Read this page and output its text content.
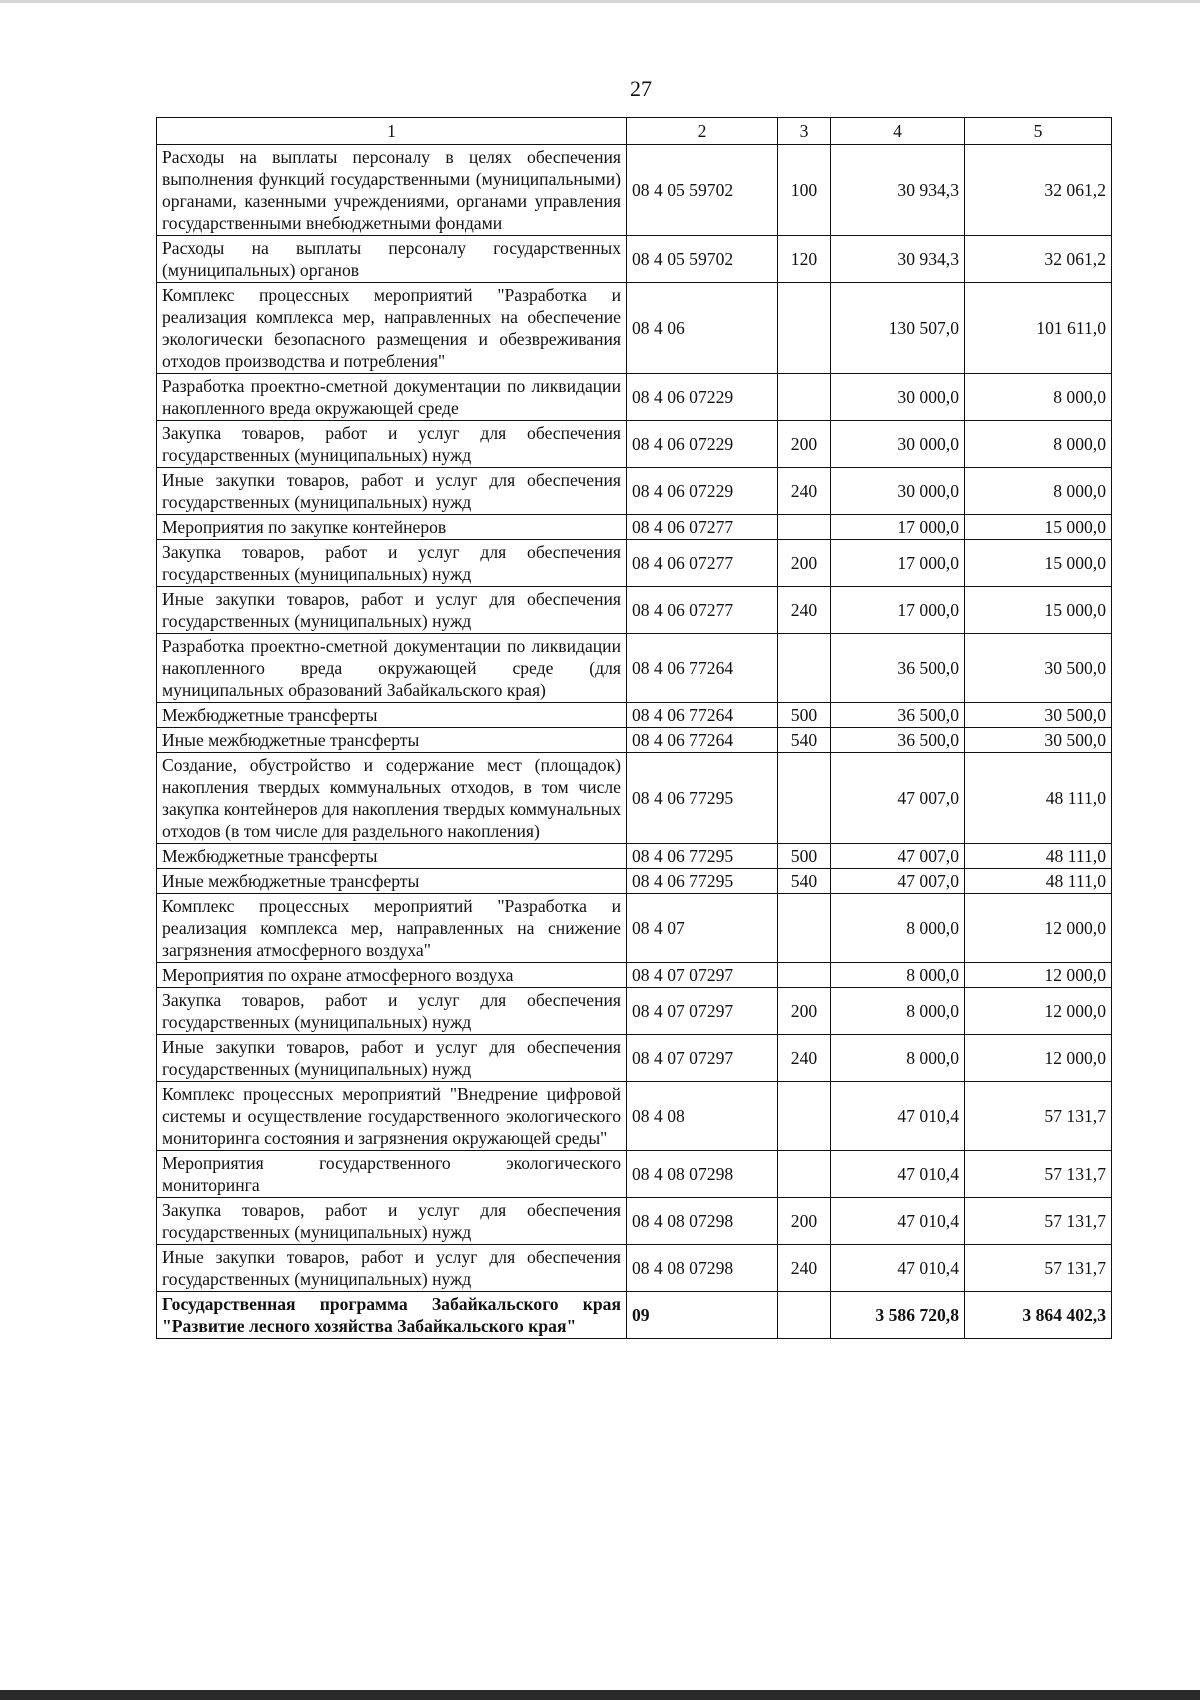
27
1	2	3	4	5
Расходы на выплаты персоналу в целях обеспечения выполнения функций государственными (муниципальными) органами, казенными учреждениями, органами управления государственными внебюджетными фондами	08 4 05 59702	100	30 934,3	32 061,2
Расходы на выплаты персоналу государственных (муниципальных) органов	08 4 05 59702	120	30 934,3	32 061,2
Комплекс процессных мероприятий "Разработка и реализация комплекса мер, направленных на обеспечение экологически безопасного размещения и обезвреживания отходов производства и потребления"	08 4 06		130 507,0	101 611,0
Разработка проектно-сметной документации по ликвидации накопленного вреда окружающей среде	08 4 06 07229		30 000,0	8 000,0
Закупка товаров, работ и услуг для обеспечения государственных (муниципальных) нужд	08 4 06 07229	200	30 000,0	8 000,0
Иные закупки товаров, работ и услуг для обеспечения государственных (муниципальных) нужд	08 4 06 07229	240	30 000,0	8 000,0
Мероприятия по закупке контейнеров	08 4 06 07277		17 000,0	15 000,0
Закупка товаров, работ и услуг для обеспечения государственных (муниципальных) нужд	08 4 06 07277	200	17 000,0	15 000,0
Иные закупки товаров, работ и услуг для обеспечения государственных (муниципальных) нужд	08 4 06 07277	240	17 000,0	15 000,0
Разработка проектно-сметной документации по ликвидации накопленного вреда окружающей среде (для муниципальных образований Забайкальского края)	08 4 06 77264		36 500,0	30 500,0
Межбюджетные трансферты	08 4 06 77264	500	36 500,0	30 500,0
Иные межбюджетные трансферты	08 4 06 77264	540	36 500,0	30 500,0
Создание, обустройство и содержание мест (площадок) накопления твердых коммунальных отходов, в том числе закупка контейнеров для накопления твердых коммунальных отходов (в том числе для раздельного накопления)	08 4 06 77295		47 007,0	48 111,0
Межбюджетные трансферты	08 4 06 77295	500	47 007,0	48 111,0
Иные межбюджетные трансферты	08 4 06 77295	540	47 007,0	48 111,0
Комплекс процессных мероприятий "Разработка и реализация комплекса мер, направленных на снижение загрязнения атмосферного воздуха"	08 4 07		8 000,0	12 000,0
Мероприятия по охране атмосферного воздуха	08 4 07 07297		8 000,0	12 000,0
Закупка товаров, работ и услуг для обеспечения государственных (муниципальных) нужд	08 4 07 07297	200	8 000,0	12 000,0
Иные закупки товаров, работ и услуг для обеспечения государственных (муниципальных) нужд	08 4 07 07297	240	8 000,0	12 000,0
Комплекс процессных мероприятий "Внедрение цифровой системы и осуществление государственного экологического мониторинга состояния и загрязнения окружающей среды"	08 4 08		47 010,4	57 131,7
Мероприятия государственного экологического мониторинга	08 4 08 07298		47 010,4	57 131,7
Закупка товаров, работ и услуг для обеспечения государственных (муниципальных) нужд	08 4 08 07298	200	47 010,4	57 131,7
Иные закупки товаров, работ и услуг для обеспечения государственных (муниципальных) нужд	08 4 08 07298	240	47 010,4	57 131,7
Государственная программа Забайкальского края "Развитие лесного хозяйства Забайкальского края"	09		3 586 720,8	3 864 402,3
